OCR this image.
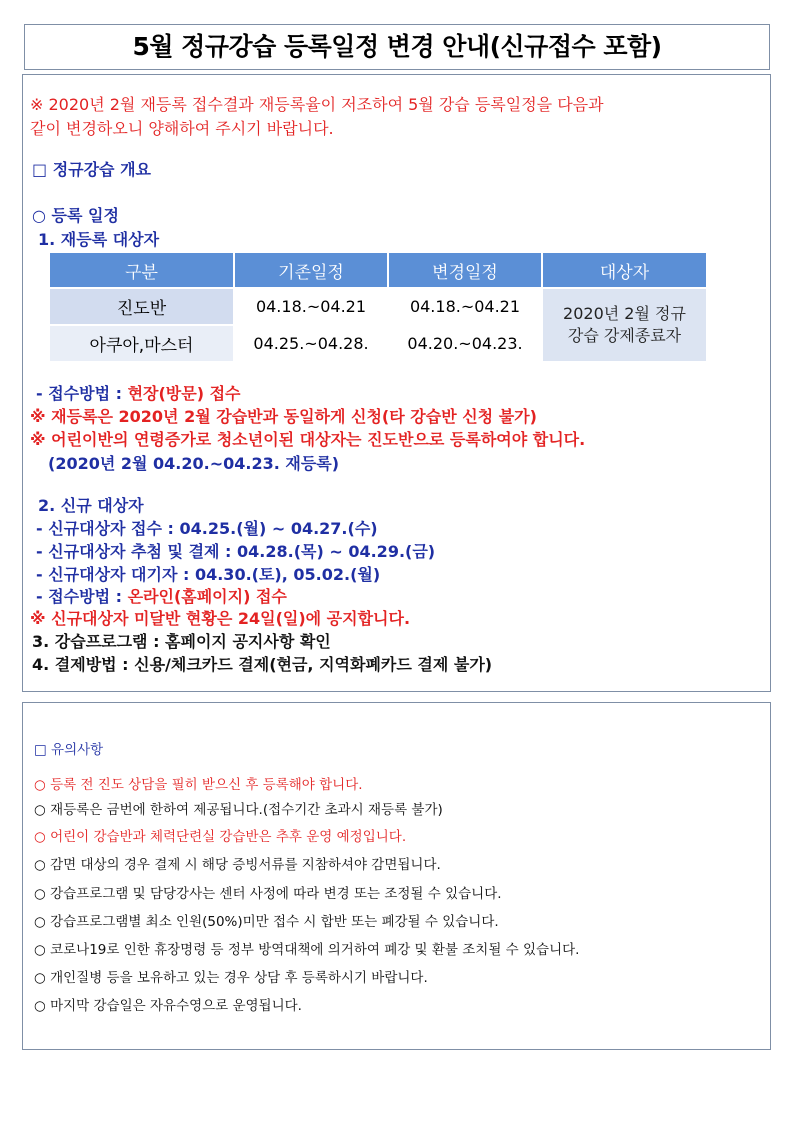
5월 정규강습 등록일정 변경 안내(신규접수 포함)
※ 2020년 2월 재등록 접수결과 재등록율이 저조하여 5월 강습 등록일정을 다음과
같이 변경하오니 양해하여 주시기 바랍니다.
□ 정규강습 개요
○ 등록 일정
1. 재등록 대상자
구분	기존일정	변경일정	대상자
진도반	04.18.~04.21	04.18.~04.21	2020년 2월 정규
강습 강제종료자

아쿠아,마스터	04.25.~04.28.	04.20.~04.23.	
- 접수방법 : 현장(방문) 접수
※ 재등록은 2020년 2월 강습반과 동일하게 신청(타 강습반 신청 불가)
※ 어린이반의 연령증가로 청소년이된 대상자는 진도반으로 등록하여야 합니다.
(2020년 2월 04.20.~04.23. 재등록)
2. 신규 대상자
- 신규대상자 접수 : 04.25.(월) ~ 04.27.(수)
- 신규대상자 추첨 및 결제 : 04.28.(목) ~ 04.29.(금)
- 신규대상자 대기자 : 04.30.(토), 05.02.(월)
- 접수방법 : 온라인(홈페이지) 접수
※ 신규대상자 미달반 현황은 24일(일)에 공지합니다.
3. 강습프로그램 : 홈페이지 공지사항 확인
4. 결제방법 : 신용/체크카드 결제(현금, 지역화폐카드 결제 불가)
□ 유의사항
○ 등록 전 진도 상담을 필히 받으신 후 등록해야 합니다.
○ 재등록은 금번에 한하여 제공됩니다.(접수기간 초과시 재등록 불가)
○ 어린이 강습반과 체력단련실 강습반은 추후 운영 예정입니다.
○ 감면 대상의 경우 결제 시 해당 증빙서류를 지참하셔야 감면됩니다.
○ 강습프로그램 및 담당강사는 센터 사정에 따라 변경 또는 조정될 수 있습니다.
○ 강습프로그램별 최소 인원(50%)미만 접수 시 합반 또는 폐강될 수 있습니다.
○ 코로나19로 인한 휴장명령 등 정부 방역대책에 의거하여 폐강 및 환불 조치될 수 있습니다.
○ 개인질병 등을 보유하고 있는 경우 상담 후 등록하시기 바랍니다.
○ 마지막 강습일은 자유수영으로 운영됩니다.
